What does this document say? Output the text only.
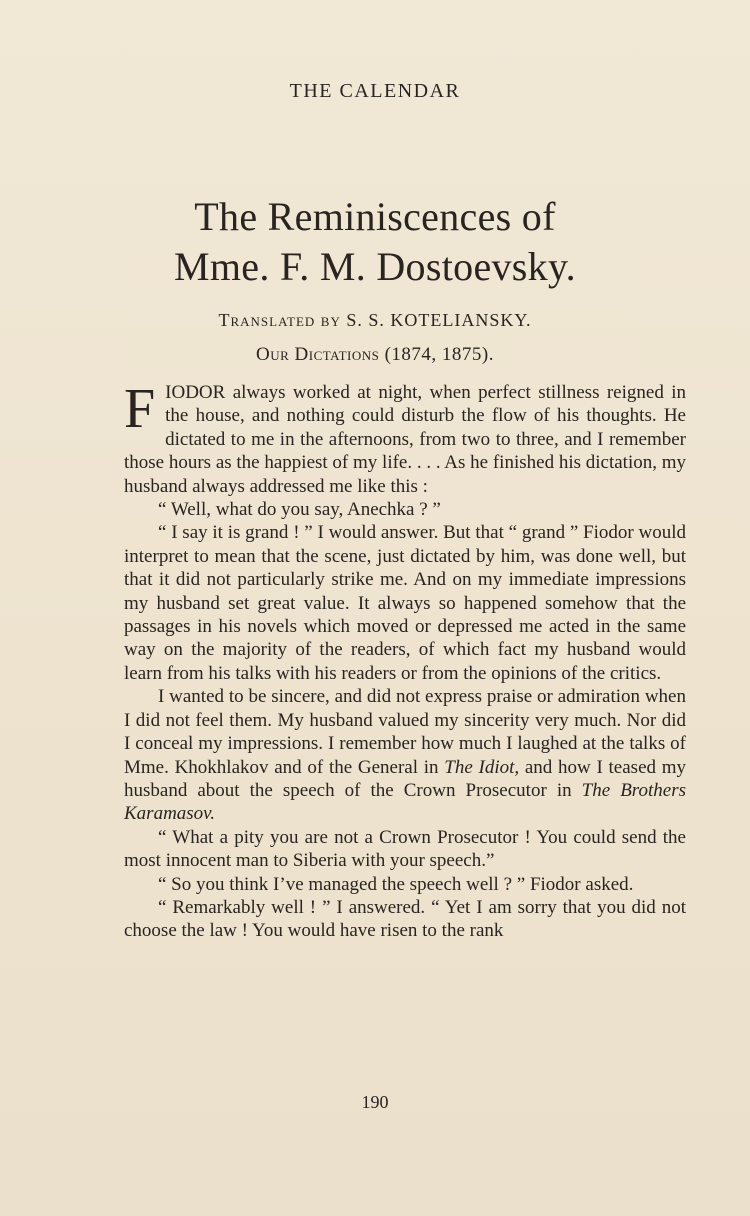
THE CALENDAR
The Reminiscences of
Mme. F. M. Dostoevsky.
Translated by S. S. KOTELIANSKY.
Our Dictations (1874, 1875).

FIODOR always worked at night, when perfect stillness reigned in the house, and nothing could disturb the flow of his thoughts. He dictated to me in the afternoons, from two to three, and I remember those hours as the happiest of my life. . . . As he finished his dictation, my husband always addressed me like this :

“ Well, what do you say, Anechka ? ”

“ I say it is grand ! ” I would answer. But that “ grand ” Fiodor would interpret to mean that the scene, just dictated by him, was done well, but that it did not particularly strike me. And on my immediate impressions my husband set great value. It always so happened somehow that the passages in his novels which moved or depressed me acted in the same way on the majority of the readers, of which fact my husband would learn from his talks with his readers or from the opinions of the critics.

I wanted to be sincere, and did not express praise or admiration when I did not feel them. My husband valued my sincerity very much. Nor did I conceal my impressions. I remember how much I laughed at the talks of Mme. Khokhlakov and of the General in The Idiot, and how I teased my husband about the speech of the Crown Prosecutor in The Brothers Karamasov.

“ What a pity you are not a Crown Prosecutor ! You could send the most innocent man to Siberia with your speech.”

“ So you think I’ve managed the speech well ? ” Fiodor asked.

“ Remarkably well ! ” I answered. “ Yet I am sorry that you did not choose the law ! You would have risen to the rank

190
